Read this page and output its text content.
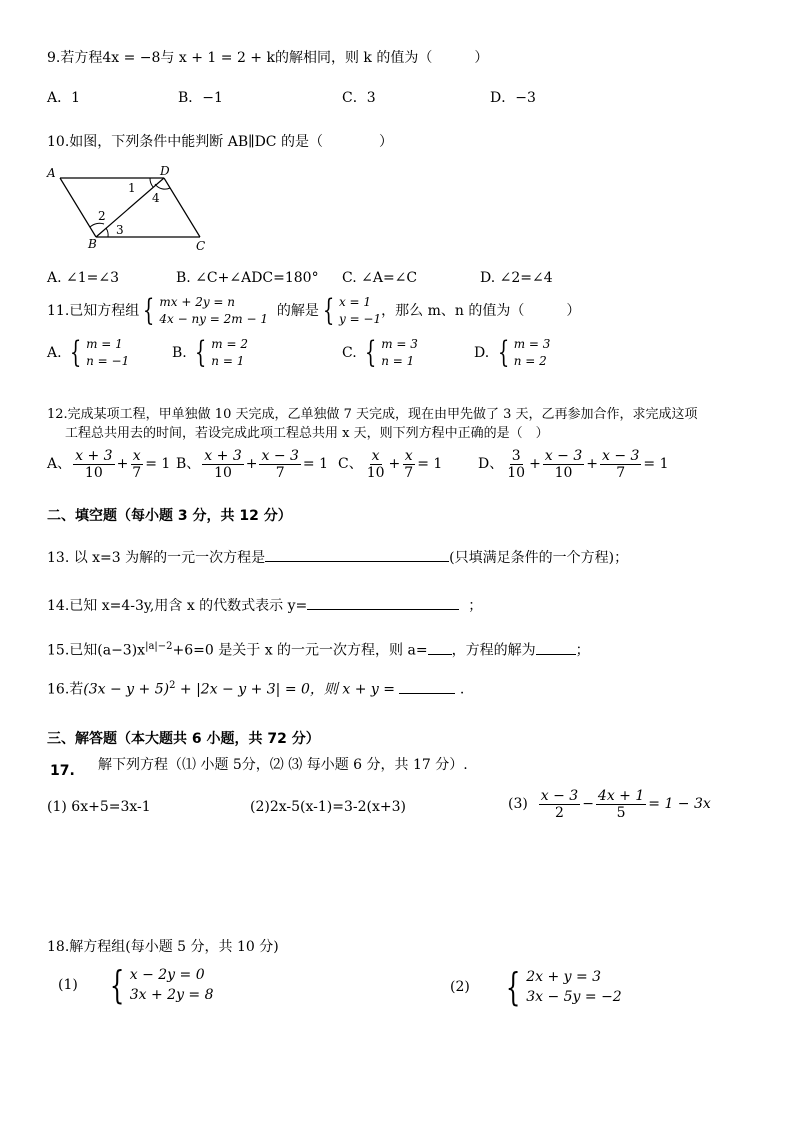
9.若方程4x = −8与 x + 1 = 2 + k的解相同，则 k 的值为（　　　）
A．1	B．−1	C．3	D．−3
10.如图，下列条件中能判断 AB∥DC 的是（　　　　）
A	D
B	C
1
4
2
3
A. ∠1=∠3	B. ∠C+∠ADC=180° C. ∠A=∠C	D. ∠2=∠4
11.已知方程组 { mx + 2y = n
4x − ny = 2m − 1 的解是 { x = 1
y = −1 ，那么 m、n 的值为（　　　）
A. { m = 1
n = −1	B. { m = 2
n = 1	C. { m = 3
n = 1	D. { m = 3
n = 2
12.完成某项工程，甲单独做 10 天完成，乙单独做 7 天完成，现在由甲先做了 3 天，乙再参加合作，求完成这项
工程总共用去的时间，若设完成此项工程总共用 x 天，则下列方程中正确的是（　）
A、 $\frac{x + 3}{10} + \frac{x}{7} = 1$ B、 $\frac{x + 3}{10} + \frac{x - 3}{7} = 1$ C、 $\frac{x}{10} + \frac{x}{7} = 1$	D、 $\frac{3}{10} + \frac{x - 3}{10} + \frac{x - 3}{7} = 1$
二、填空题（每小题 3 分，共 12 分）
13. 以 x=3 为解的一元一次方程是	(只填满足条件的一个方程)；
14.已知 x=4-3y,用含 x 的代数式表示 y=	；
15.已知$(a-3)x^{|a|-2}+6=0$ 是关于 x 的一元一次方程，则 a= ，方程的解为	；
16.若$(3x - y + 5)^2 + |2x - y + 3| = 0$，则 x + y =	.
三、解答题（本大题共 6 小题，共 72 分）
17. 解下列方程（⑴ 小题 5分，⑵ ⑶ 每小题 6 分，共 17 分）.
(1) 6x+5=3x-1	(2)2x-5(x-1)=3-2(x+3)	$(3) \frac{x - 3}{2} - \frac{4x + 1}{5} = 1 - 3x$
18.解方程组(每小题 5 分，共 10 分)
(1) { x − 2y = 0
3x + 2y = 8	(2) { 2x + y = 3
3x − 5y = −2
